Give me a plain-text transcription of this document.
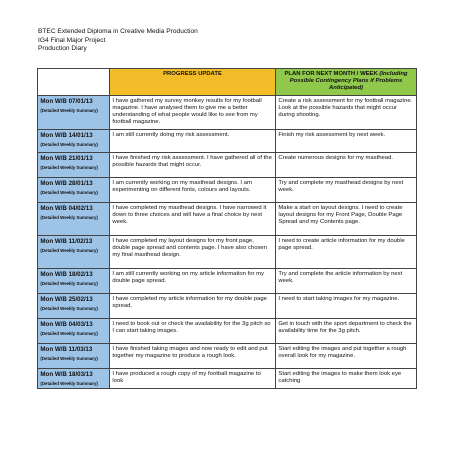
BTEC Extended Diploma in Creative Media Production
IG4 Final Major Project
Production Diary
	PROGRESS UPDATE	PLAN FOR NEXT MONTH / WEEK (Including Possible Contingency Plans if Problems Anticipated)

Mon W/B 07/01/13
(Detailed Weekly Summary)	I have gathered my survey monkey results for my football magazine. I have analysed them to give me a better understanding of what people would like to see from my football magazine.	Create a risk assessment for my football magazine. Look at the possible hazards that might occur during shooting.

Mon W/B 14/01/13
(Detailed Weekly Summary)	I am still currently doing my risk assessment.	Finish my risk assessment by next week.

Mon W/B 21/01/13
(Detailed Weekly Summary)	I have finished my risk assessment. I have gathered all of the possible hazards that might occur.	Create numerous designs for my masthead.

Mon W/B 28/01/13
(Detailed Weekly Summary)	I am currently working on my masthead designs. I am experimenting on different fonts, colours and layouts.	Try and complete my masthead designs by next week.

Mon W/B 04/02/13
(Detailed Weekly Summary)	I have completed my masthead designs. I have narrowed it down to three choices and will have a final choice by next week.	Make a start on layout designs. I need to create layout designs for my Front Page, Double Page Spread and my Contents page.

Mon W/B 11/02/13
(Detailed Weekly Summary)	I have completed my layout designs for my front page, double page spread and contents page. I have also chosen my final masthead design.	I need to create article information for my double page spread.

Mon W/B 18/02/13
(Detailed Weekly Summary)	I am still currently working on my article information for my double page spread.	Try and complete the article information by next week.

Mon W/B 25/02/13
(Detailed Weekly Summary)	I have completed my article information for my double page spread.	I need to start taking images for my magazine.

Mon W/B 04/03/13
(Detailed Weekly Summary)	I need to book out or check the availability for the 3g pitch so I can start taking images.	Get in touch with the sport department to check the availability time for the 3g pitch.

Mon W/B 11/03/13
(Detailed Weekly Summary)	I have finished taking images and now ready to edit and put together my magazine to produce a rough look.	Start editing the images and put together a rough overall look for my magazine.

Mon W/B 18/03/13
(Detailed Weekly Summary)	I have produced a rough copy of my football magazine to look	Start editing the images to make them look eye catching
